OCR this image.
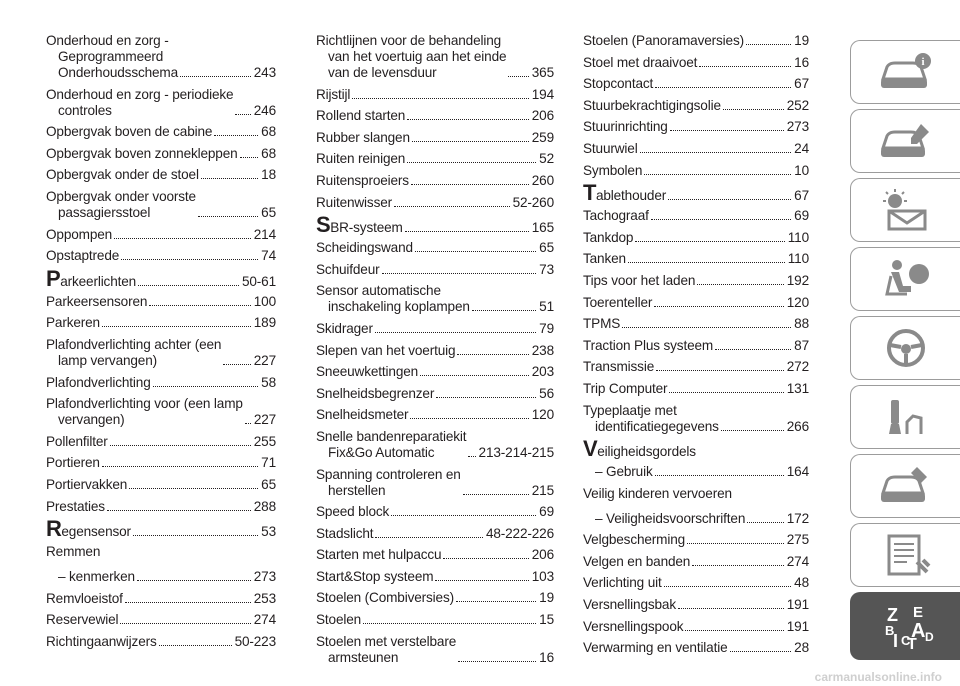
Onderhoud en zorg -
Geprogrammeerd
Onderhoudsschema	243
Onderhoud en zorg - periodieke
controles	246
Opbergvak boven de cabine	68
Opbergvak boven zonnekleppen 68
Opbergvak onder de stoel	18
Opbergvak onder voorste
passagiersstoel	65
Oppompen	214
Opstaptrede	74
Parkeerlichten	50-61
Parkeersensoren	100
Parkeren	189
Plafondverlichting achter (een
lamp vervangen)	227
Plafondverlichting	58
Plafondverlichting voor (een lamp
vervangen)	227
Pollenfilter	255
Portieren	71
Portiervakken	65
Prestaties	288
Regensensor	53
Remmen
– kenmerken	273
Remvloeistof	253
Reservewiel	274
Richtingaanwijzers	50-223
Richtlijnen voor de behandeling
van het voertuig aan het einde
van de levensduur	365
Rijstijl	194
Rollend starten	206
Rubber slangen	259
Ruiten reinigen	52
Ruitensproeiers	260
Ruitenwisser	52-260
SBR-systeem	165
Scheidingswand	65
Schuifdeur	73
Sensor automatische
inschakeling koplampen	51
Skidrager	79
Slepen van het voertuig	238
Sneeuwkettingen	203
Snelheidsbegrenzer	56
Snelheidsmeter	120
Snelle bandenreparatiekit
Fix&Go Automatic	213-214-215
Spanning controleren en
herstellen	215
Speed block	69
Stadslicht	48-222-226
Starten met hulpaccu	206
Start&Stop systeem	103
Stoelen (Combiversies)	19
Stoelen	15
Stoelen met verstelbare
armsteunen	16
Stoelen (Panoramaversies)	19
Stoel met draaivoet	16
Stopcontact	67
Stuurbekrachtigingsolie	252
Stuurinrichting	273
Stuurwiel	24
Symbolen	10
Tablethouder	67
Tachograaf	69
Tankdop	110
Tanken	110
Tips voor het laden	192
Toerenteller	120
TPMS	88
Traction Plus systeem	87
Transmissie	272
Trip Computer	131
Typeplaatje met
identificatiegegevens	266
Veiligheidsgordels
– Gebruik	164
Veilig kinderen vervoeren
– Veiligheidsvoorschriften	172
Velgbescherming	275
Velgen en banden	274
Verlichting uit	48
Versnellingsbak	191
Versnellingspook	191
Verwarming en ventilatie	28
i
Z E
B A D
I C
T
carmanualsonline.info
